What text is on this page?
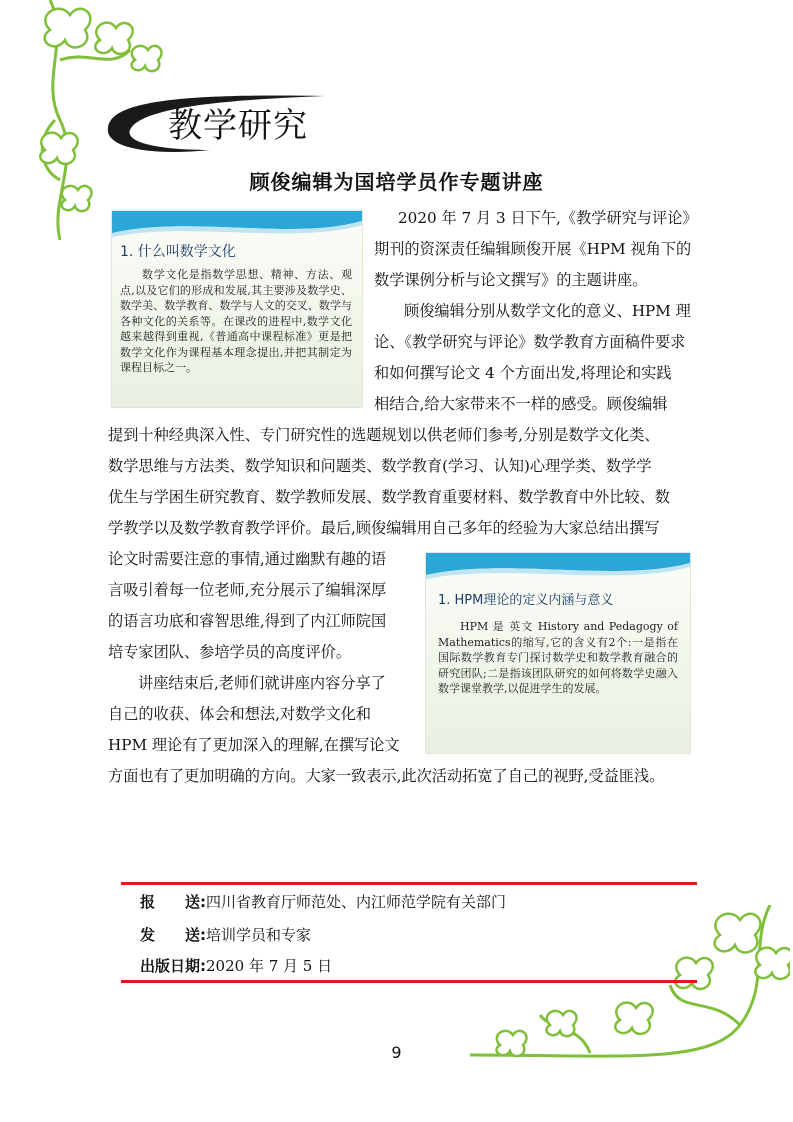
教学研究
顾俊编辑为国培学员作专题讲座
1. 什么叫数学文化
数学文化是指数学思想、精神、方法、观点,以及它们的形成和发展,其主要涉及数学史、数学美、数学教育、数学与人文的交叉、数学与各种文化的关系等。在课改的进程中,数学文化越来越得到重视,《普通高中课程标准》更是把数学文化作为课程基本理念提出,并把其制定为课程目标之一。
2020 年 7 月 3 日下午,《教学研究与评论》
期刊的资深责任编辑顾俊开展《HPM 视角下的
数学课例分析与论文撰写》的主题讲座。
顾俊编辑分别从数学文化的意义、HPM 理
论、《教学研究与评论》数学教育方面稿件要求
和如何撰写论文 4 个方面出发,将理论和实践
相结合,给大家带来不一样的感受。顾俊编辑
提到十种经典深入性、专门研究性的选题规划以供老师们参考,分别是数学文化类、
数学思维与方法类、数学知识和问题类、数学教育(学习、认知)心理学类、数学学
优生与学困生研究教育、数学教师发展、数学教育重要材料、数学教育中外比较、数
学教学以及数学教育教学评价。最后,顾俊编辑用自己多年的经验为大家总结出撰写
论文时需要注意的事情,通过幽默有趣的语
言吸引着每一位老师,充分展示了编辑深厚
的语言功底和睿智思维,得到了内江师院国
培专家团队、参培学员的高度评价。
讲座结束后,老师们就讲座内容分享了
自己的收获、体会和想法,对数学文化和
HPM 理论有了更加深入的理解,在撰写论文
方面也有了更加明确的方向。大家一致表示,此次活动拓宽了自己的视野,受益匪浅。
1. HPM理论的定义内涵与意义
HPM 是 英文 History and Pedagogy of Mathematics的缩写,它的含义有2个:一是指在国际数学教育专门探讨数学史和数学教育融合的研究团队;二是指该团队研究的如何将数学史融入数学课堂教学,以促进学生的发展。
报　　送:四川省教育厅师范处、内江师范学院有关部门
发　　送:培训学员和专家
出版日期:2020 年 7 月 5 日
9
